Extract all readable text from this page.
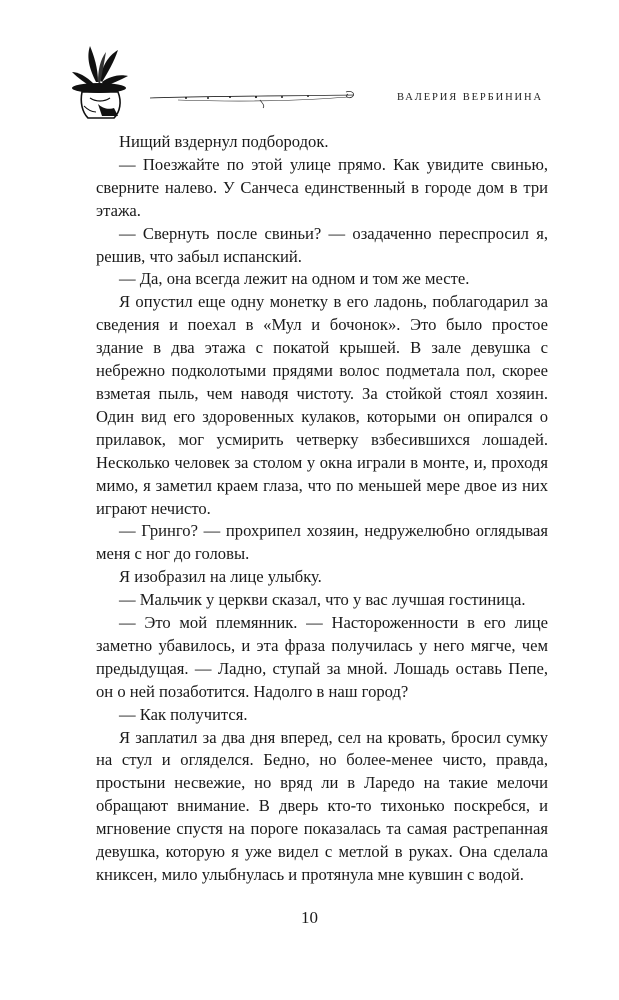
ВАЛЕРИЯ ВЕРБИНИНА

Нищий вздернул подбородок.

— Поезжайте по этой улице прямо. Как увидите свинью, сверните налево. У Санчеса единственный в городе дом в три этажа.

— Свернуть после свиньи? — озадаченно переспросил я, решив, что забыл испанский.

— Да, она всегда лежит на одном и том же месте.

Я опустил еще одну монетку в его ладонь, поблагодарил за сведения и поехал в «Мул и бочонок». Это было простое здание в два этажа с покатой крышей. В зале девушка с небрежно подколотыми прядями волос подметала пол, скорее взметая пыль, чем наводя чистоту. За стойкой стоял хозяин. Один вид его здоровенных кулаков, которыми он опирался о прилавок, мог усмирить четверку взбесившихся лошадей. Несколько человек за столом у окна играли в монте, и, проходя мимо, я заметил краем глаза, что по меньшей мере двое из них играют нечисто.

— Гринго? — прохрипел хозяин, недружелюбно оглядывая меня с ног до головы.

Я изобразил на лице улыбку.

— Мальчик у церкви сказал, что у вас лучшая гостиница.

— Это мой племянник. — Настороженности в его лице заметно убавилось, и эта фраза получилась у него мягче, чем предыдущая. — Ладно, ступай за мной. Лошадь оставь Пепе, он о ней позаботится. Надолго в наш город?

— Как получится.

Я заплатил за два дня вперед, сел на кровать, бросил сумку на стул и огляделся. Бедно, но более-менее чисто, правда, простыни несвежие, но вряд ли в Ларедо на такие мелочи обращают внимание. В дверь кто-то тихонько поскребся, и мгновение спустя на пороге показалась та самая растрепанная девушка, которую я уже видел с метлой в руках. Она сделала книксен, мило улыбнулась и протянула мне кувшин с водой.

10
